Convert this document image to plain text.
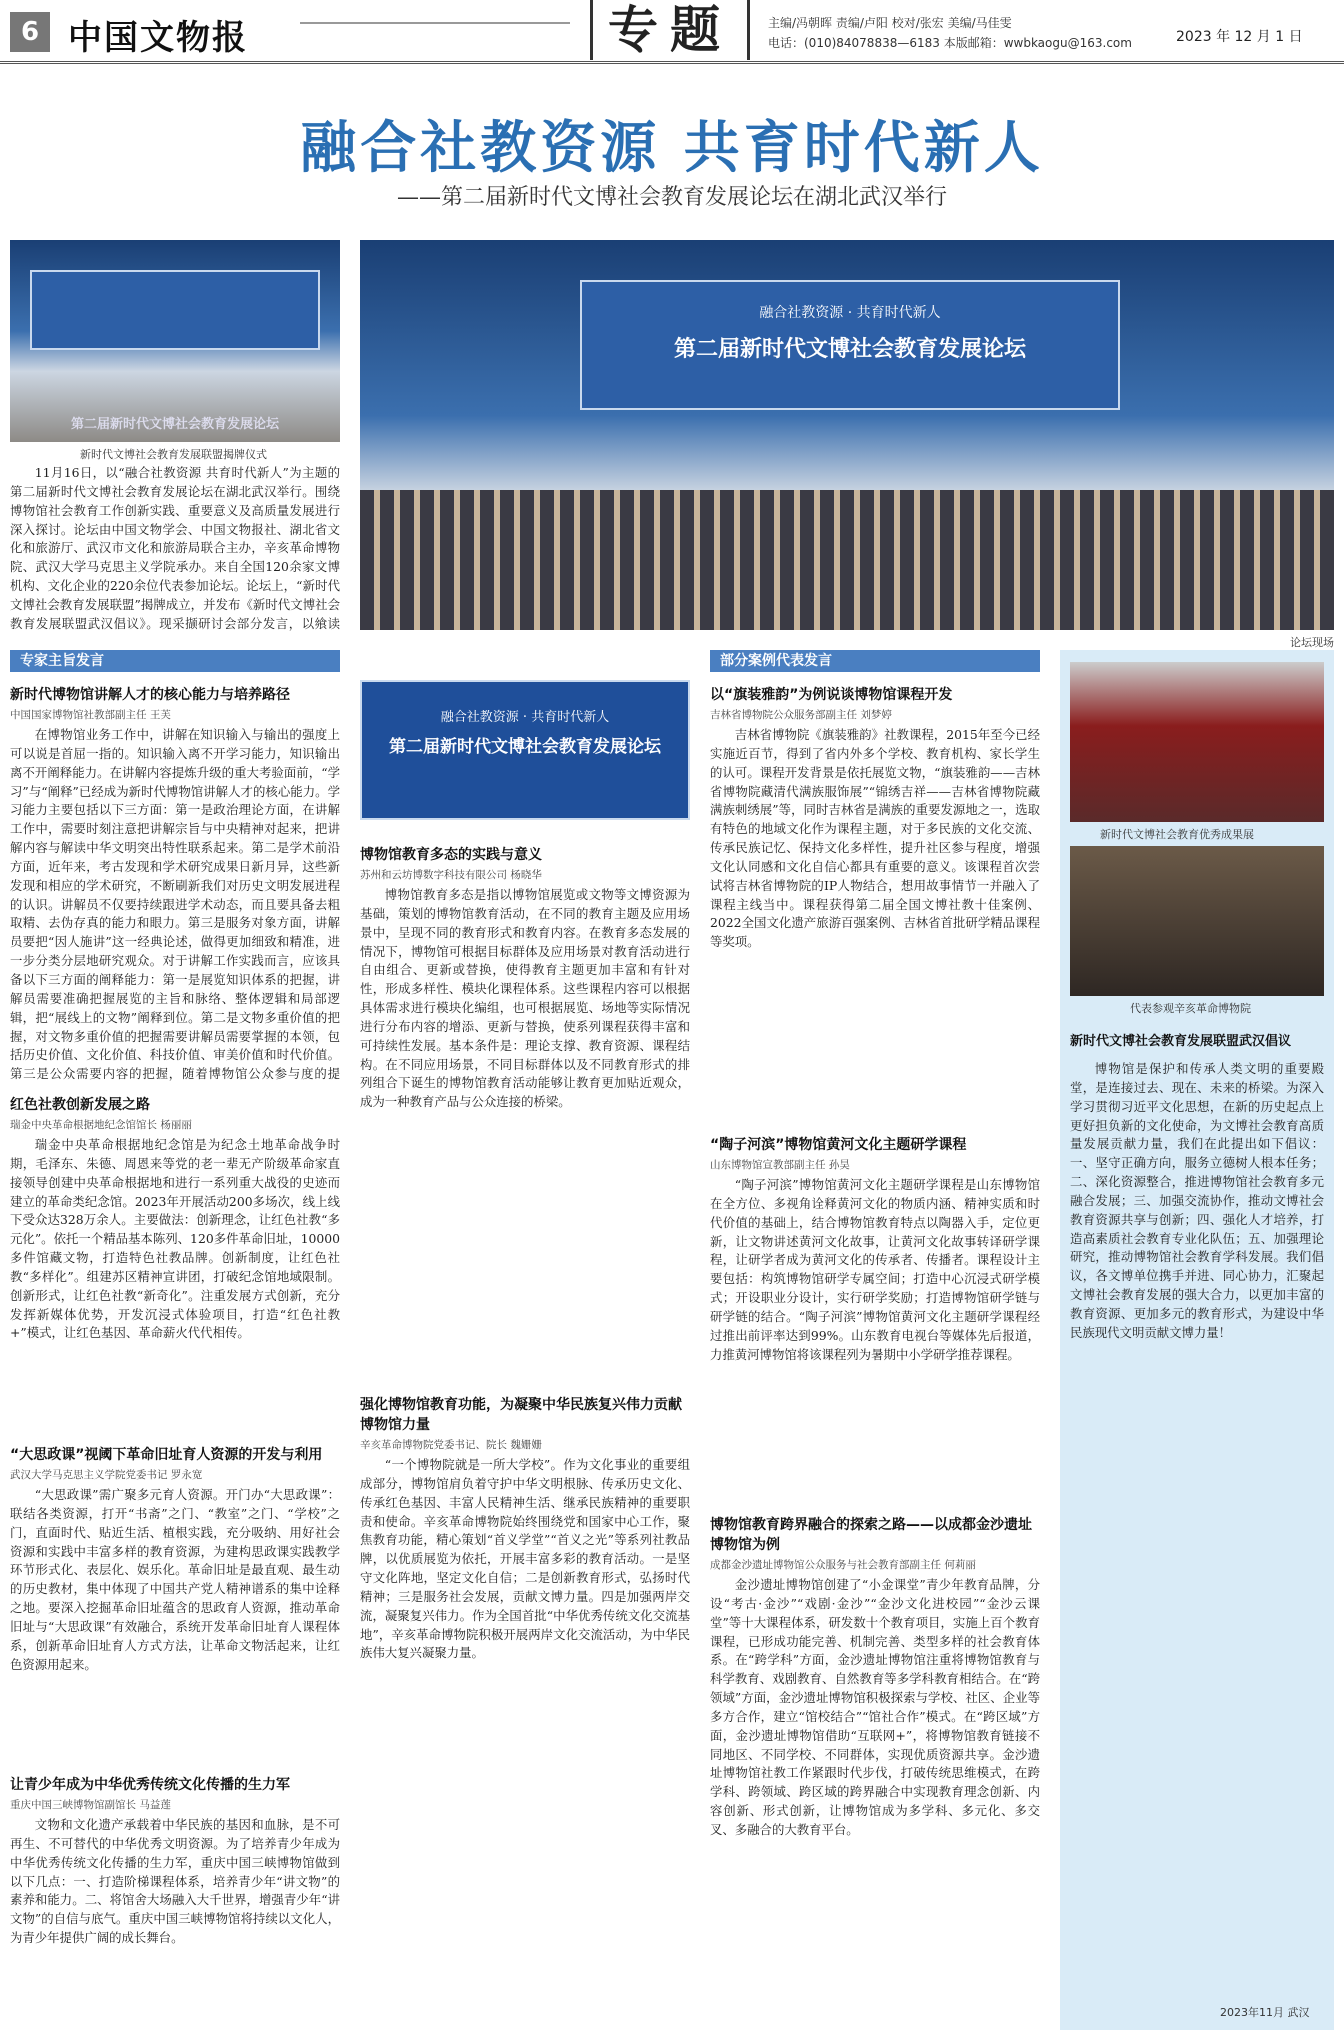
6 中国文物报	专题	主编/冯朝晖 责编/卢阳 校对/张宏 美编/马佳雯
电话：(010)84078838—6183 本版邮箱：wwbkaogu@163.com	2023 年 12 月 1 日
融合社教资源 共育时代新人
——第二届新时代文博社会教育发展论坛在湖北武汉举行
第二届新时代文博社会教育发展论坛
新时代文博社会教育发展联盟揭牌仪式
11月16日，以“融合社教资源 共育时代新人”为主题的第二届新时代文博社会教育发展论坛在湖北武汉举行。围绕博物馆社会教育工作创新实践、重要意义及高质量发展进行深入探讨。论坛由中国文物学会、中国文物报社、湖北省文化和旅游厅、武汉市文化和旅游局联合主办，辛亥革命博物院、武汉大学马克思主义学院承办。来自全国120余家文博机构、文化企业的220余位代表参加论坛。论坛上，“新时代文博社会教育发展联盟”揭牌成立，并发布《新时代文博社会教育发展联盟武汉倡议》。现采撷研讨会部分发言，以飨读
融合社教资源 · 共育时代新人
第二届新时代文博社会教育发展论坛
论坛现场
专家主旨发言
新时代博物馆讲解人才的核心能力与培养路径
中国国家博物馆社教部副主任 王芙
在博物馆业务工作中，讲解在知识输入与输出的强度上可以说是首屈一指的。知识输入离不开学习能力，知识输出离不开阐释能力。在讲解内容提炼升级的重大考验面前，“学习”与“阐释”已经成为新时代博物馆讲解人才的核心能力。学习能力主要包括以下三方面：第一是政治理论方面，在讲解工作中，需要时刻注意把讲解宗旨与中央精神对起来，把讲解内容与解读中华文明突出特性联系起来。第二是学术前沿方面，近年来，考古发现和学术研究成果日新月异，这些新发现和相应的学术研究，不断刷新我们对历史文明发展进程的认识。讲解员不仅要持续跟进学术动态，而且要具备去粗取精、去伪存真的能力和眼力。第三是服务对象方面，讲解员要把“因人施讲”这一经典论述，做得更加细致和精准，进一步分类分层地研究观众。对于讲解工作实践而言，应该具备以下三方面的阐释能力：第一是展览知识体系的把握，讲解员需要准确把握展览的主旨和脉络、整体逻辑和局部逻辑，把“展线上的文物”阐释到位。第二是文物多重价值的把握，对文物多重价值的把握需要讲解员需要掌握的本领，包括历史价值、文化价值、科技价值、审美价值和时代价值。第三是公众需要内容的把握，随着博物馆公众参与度的提
红色社教创新发展之路
瑞金中央革命根据地纪念馆馆长 杨丽丽
瑞金中央革命根据地纪念馆是为纪念土地革命战争时期，毛泽东、朱德、周恩来等党的老一辈无产阶级革命家直接领导创建中央革命根据地和进行一系列重大战役的史迹而建立的革命类纪念馆。2023年开展活动200多场次，线上线下受众达328万余人。主要做法：创新理念，让红色社教“多元化”。依托一个精品基本陈列、120多件革命旧址，10000多件馆藏文物，打造特色社教品牌。创新制度，让红色社教“多样化”。组建苏区精神宣讲团，打破纪念馆地域限制。创新形式，让红色社教“新奇化”。注重发展方式创新，充分发挥新媒体优势，开发沉浸式体验项目，打造“红色社教+”模式，让红色基因、革命薪火代代相传。
“大思政课”视阈下革命旧址育人资源的开发与利用
武汉大学马克思主义学院党委书记 罗永宽
“大思政课”需广聚多元育人资源。开门办“大思政课”：联结各类资源，打开“书斋”之门、“教室”之门、“学校”之门，直面时代、贴近生活、植根实践，充分吸纳、用好社会资源和实践中丰富多样的教育资源，为建构思政课实践教学环节形式化、表层化、娱乐化。革命旧址是最直观、最生动的历史教材，集中体现了中国共产党人精神谱系的集中诠释之地。要深入挖掘革命旧址蕴含的思政育人资源，推动革命旧址与“大思政课”有效融合，系统开发革命旧址育人课程体系，创新革命旧址育人方式方法，让革命文物活起来，让红色资源用起来。
让青少年成为中华优秀传统文化传播的生力军
重庆中国三峡博物馆副馆长 马益莲
文物和文化遗产承载着中华民族的基因和血脉，是不可再生、不可替代的中华优秀文明资源。为了培养青少年成为中华优秀传统文化传播的生力军，重庆中国三峡博物馆做到以下几点：一、打造阶梯课程体系，培养青少年“讲文物”的素养和能力。二、将馆舍大场融入大千世界，增强青少年“讲文物”的自信与底气。重庆中国三峡博物馆将持续以文化人，为青少年提供广阔的成长舞台。
融合社教资源 · 共育时代新人
第二届新时代文博社会教育发展论坛
博物馆教育多态的实践与意义
苏州和云坊博数字科技有限公司 杨晓华
博物馆教育多态是指以博物馆展览或文物等文博资源为基础，策划的博物馆教育活动，在不同的教育主题及应用场景中，呈现不同的教育形式和教育内容。在教育多态发展的情况下，博物馆可根据目标群体及应用场景对教育活动进行自由组合、更新或替换，使得教育主题更加丰富和有针对性，形成多样性、模块化课程体系。这些课程内容可以根据具体需求进行模块化编组，也可根据展览、场地等实际情况进行分布内容的增添、更新与替换，使系列课程获得丰富和可持续性发展。基本条件是：理论支撑、教育资源、课程结构。在不同应用场景，不同目标群体以及不同教育形式的排列组合下诞生的博物馆教育活动能够让教育更加贴近观众，成为一种教育产品与公众连接的桥梁。
强化博物馆教育功能，为凝聚中华民族复兴伟力贡献博物馆力量
辛亥革命博物院党委书记、院长 魏姗姗
“一个博物院就是一所大学校”。作为文化事业的重要组成部分，博物馆肩负着守护中华文明根脉、传承历史文化、传承红色基因、丰富人民精神生活、继承民族精神的重要职责和使命。辛亥革命博物院始终围绕党和国家中心工作，聚焦教育功能，精心策划“首义学堂”“首义之光”等系列社教品牌，以优质展览为依托，开展丰富多彩的教育活动。一是坚守文化阵地，坚定文化自信；二是创新教育形式，弘扬时代精神；三是服务社会发展，贡献文博力量。四是加强两岸交流，凝聚复兴伟力。作为全国首批“中华优秀传统文化交流基地”，辛亥革命博物院积极开展两岸文化交流活动，为中华民族伟大复兴凝聚力量。
部分案例代表发言
以“旗装雅韵”为例说谈博物馆课程开发
吉林省博物院公众服务部副主任 刘梦婷
吉林省博物院《旗装雅韵》社教课程，2015年至今已经实施近百节，得到了省内外多个学校、教育机构、家长学生的认可。课程开发背景是依托展览文物，“旗装雅韵——吉林省博物院藏清代满族服饰展”“锦绣吉祥——吉林省博物院藏满族刺绣展”等，同时吉林省是满族的重要发源地之一，选取有特色的地域文化作为课程主题，对于多民族的文化交流、传承民族记忆、保持文化多样性，提升社区参与程度，增强文化认同感和文化自信心都具有重要的意义。该课程首次尝试将吉林省博物院的IP人物结合，想用故事情节一并融入了课程主线当中。课程获得第二届全国文博社教十佳案例、2022全国文化遗产旅游百强案例、吉林省首批研学精品课程等奖项。
“陶子河滨”博物馆黄河文化主题研学课程
山东博物馆宣教部副主任 孙昊
“陶子河滨”博物馆黄河文化主题研学课程是山东博物馆在全方位、多视角诠释黄河文化的物质内涵、精神实质和时代价值的基础上，结合博物馆教育特点以陶器入手，定位更新，让文物讲述黄河文化故事，让黄河文化故事转译研学课程，让研学者成为黄河文化的传承者、传播者。课程设计主要包括：构筑博物馆研学专属空间；打造中心沉浸式研学模式；开设职业分设计，实行研学奖励；打造博物馆研学链与研学链的结合。“陶子河滨”博物馆黄河文化主题研学课程经过推出前评率达到99%。山东教育电视台等媒体先后报道，力推黄河博物馆将该课程列为暑期中小学研学推荐课程。
博物馆教育跨界融合的探索之路——以成都金沙遗址博物馆为例
成都金沙遗址博物馆公众服务与社会教育部副主任 何莉丽
金沙遗址博物馆创建了“小金课堂”青少年教育品牌，分设“考古·金沙”“戏剧·金沙”“金沙文化进校园”“金沙云课堂”等十大课程体系，研发数十个教育项目，实施上百个教育课程，已形成功能完善、机制完善、类型多样的社会教育体系。在“跨学科”方面，金沙遗址博物馆注重将博物馆教育与科学教育、戏剧教育、自然教育等多学科教育相结合。在“跨领域”方面，金沙遗址博物馆积极探索与学校、社区、企业等多方合作，建立“馆校结合”“馆社合作”模式。在“跨区域”方面，金沙遗址博物馆借助“互联网+”，将博物馆教育链接不同地区、不同学校、不同群体，实现优质资源共享。金沙遗址博物馆社教工作紧跟时代步伐，打破传统思维模式，在跨学科、跨领域、跨区域的跨界融合中实现教育理念创新、内容创新、形式创新，让博物馆成为多学科、多元化、多交叉、多融合的大教育平台。
新时代文博社会教育优秀成果展
代表参观辛亥革命博物院
新时代文博社会教育发展联盟武汉倡议
博物馆是保护和传承人类文明的重要殿堂，是连接过去、现在、未来的桥梁。为深入学习贯彻习近平文化思想，在新的历史起点上更好担负新的文化使命，为文博社会教育高质量发展贡献力量，我们在此提出如下倡议：一、坚守正确方向，服务立德树人根本任务；二、深化资源整合，推进博物馆社会教育多元融合发展；三、加强交流协作，推动文博社会教育资源共享与创新；四、强化人才培养，打造高素质社会教育专业化队伍；五、加强理论研究，推动博物馆社会教育学科发展。我们倡议，各文博单位携手并进、同心协力，汇聚起文博社会教育发展的强大合力，以更加丰富的教育资源、更加多元的教育形式，为建设中华民族现代文明贡献文博力量！
2023年11月 武汉
